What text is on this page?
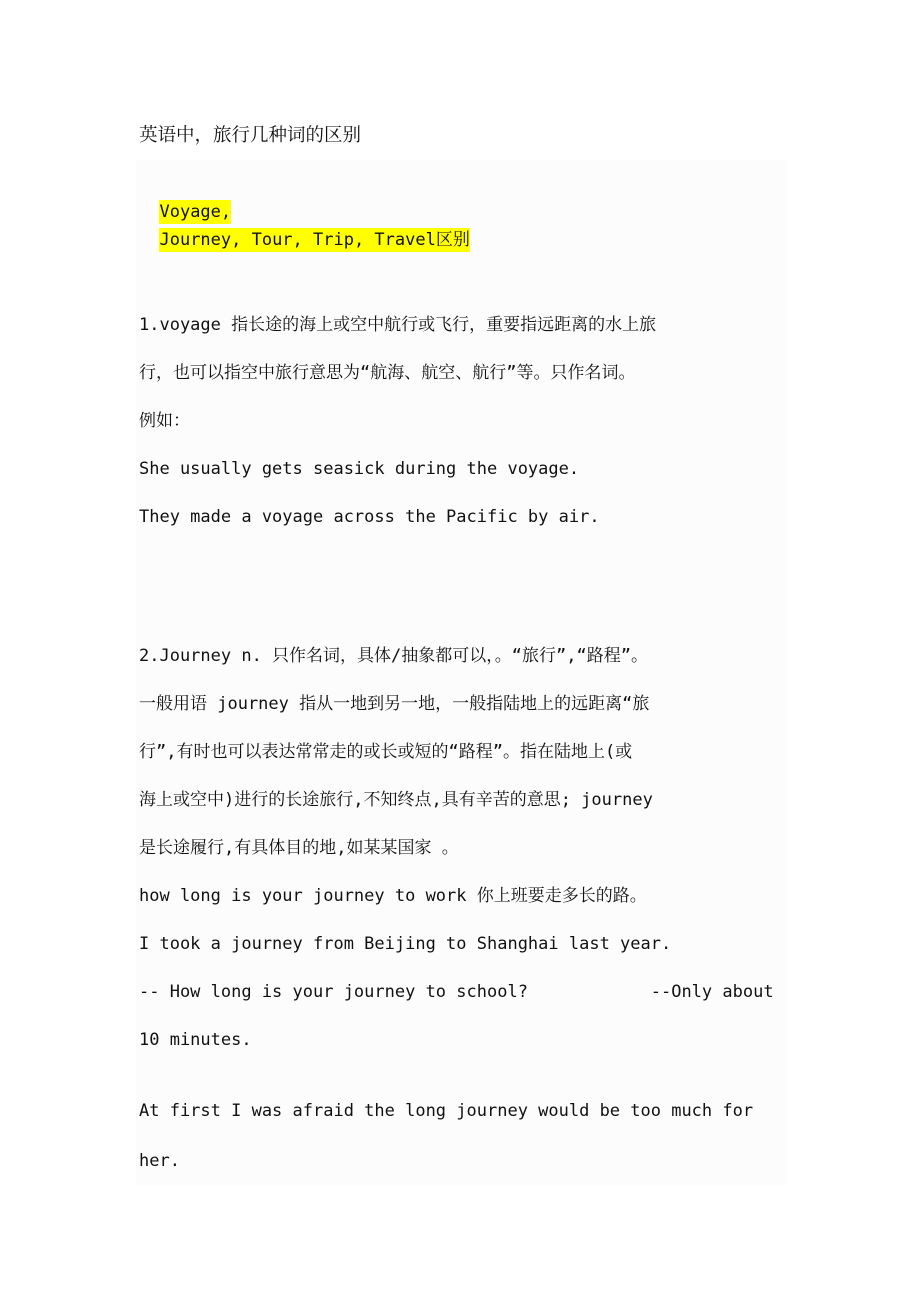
英语中，旅行几种词的区别

Voyage,
Journey, Tour, Trip, Travel区别

1.voyage 指长途的海上或空中航行或飞行，重要指远距离的水上旅
行，也可以指空中旅行意思为“航海、航空、航行”等。只作名词。
例如：
She usually gets seasick during the voyage.
They made a voyage across the Pacific by air.
2.Journey n. 只作名词，具体/抽象都可以，。“旅行”,“路程”。
一般用语 journey 指从一地到另一地，一般指陆地上的远距离“旅
行”,有时也可以表达常常走的或长或短的“路程”。指在陆地上(或
海上或空中)进行的长途旅行,不知终点,具有辛苦的意思; journey
是长途履行,有具体目的地,如某某国家 。
how long is your journey to work 你上班要走多长的路。
I took a journey from Beijing to Shanghai last year.
-- How long is your journey to school?            --Only about
10 minutes.
At first I was afraid the long journey would be too much for
her.
